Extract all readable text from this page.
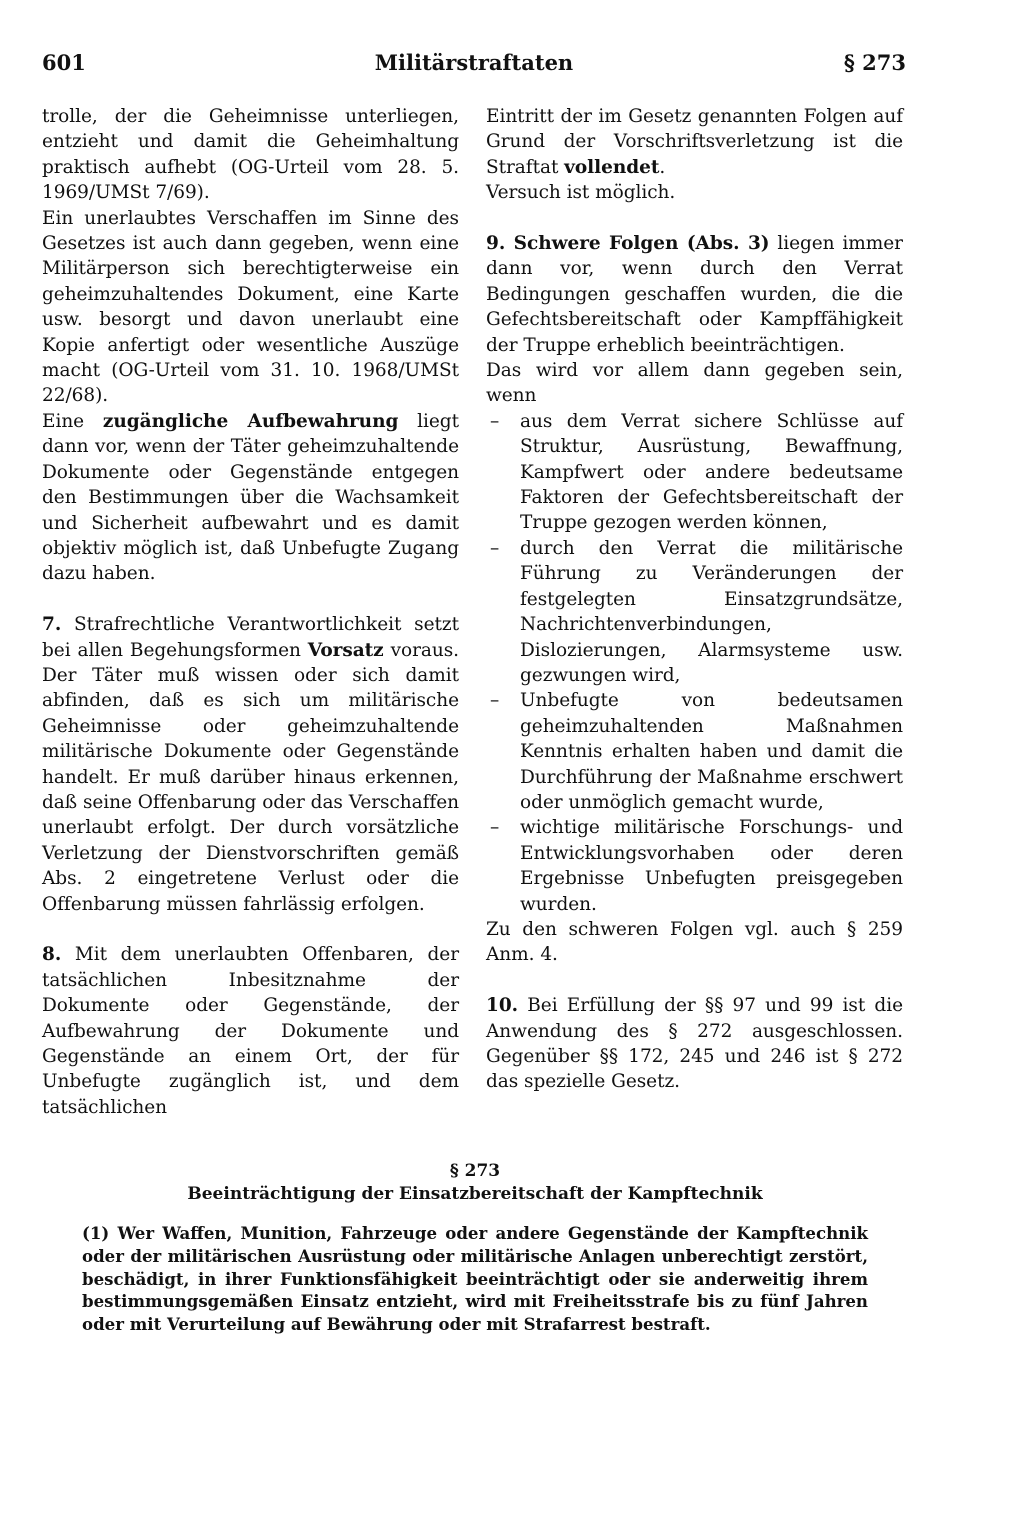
601	Militärstraftaten	§ 273

trolle, der die Geheimnisse unterliegen, entzieht und damit die Geheimhaltung praktisch aufhebt (OG-Urteil vom 28. 5. 1969/UMSt 7/69).

Ein unerlaubtes Verschaffen im Sinne des Gesetzes ist auch dann gegeben, wenn eine Militärperson sich berechtigterweise ein geheimzuhaltendes Dokument, eine Karte usw. besorgt und davon unerlaubt eine Kopie anfertigt oder wesentliche Auszüge macht (OG-Urteil vom 31. 10. 1968/UMSt 22/68).

Eine zugängliche Aufbewahrung liegt dann vor, wenn der Täter geheimzuhaltende Dokumente oder Gegenstände entgegen den Bestimmungen über die Wachsamkeit und Sicherheit aufbewahrt und es damit objektiv möglich ist, daß Unbefugte Zugang dazu haben.

7. Strafrechtliche Verantwortlichkeit setzt bei allen Begehungsformen Vorsatz voraus. Der Täter muß wissen oder sich damit abfinden, daß es sich um militärische Geheimnisse oder geheimzuhaltende militärische Dokumente oder Gegenstände handelt. Er muß darüber hinaus erkennen, daß seine Offenbarung oder das Verschaffen unerlaubt erfolgt. Der durch vorsätzliche Verletzung der Dienstvorschriften gemäß Abs. 2 eingetretene Verlust oder die Offenbarung müssen fahrlässig erfolgen.

8. Mit dem unerlaubten Offenbaren, der tatsächlichen Inbesitznahme der Dokumente oder Gegenstände, der Aufbewahrung der Dokumente und Gegenstände an einem Ort, der für Unbefugte zugänglich ist, und dem tatsächlichen

Eintritt der im Gesetz genannten Folgen auf Grund der Vorschriftsverletzung ist die Straftat vollendet.

Versuch ist möglich.

9. Schwere Folgen (Abs. 3) liegen immer dann vor, wenn durch den Verrat Bedingungen geschaffen wurden, die die Gefechtsbereitschaft oder Kampffähigkeit der Truppe erheblich beeinträchtigen.

Das wird vor allem dann gegeben sein, wenn

– aus dem Verrat sichere Schlüsse auf Struktur, Ausrüstung, Bewaffnung, Kampfwert oder andere bedeutsame Faktoren der Gefechtsbereitschaft der Truppe gezogen werden können,
– durch den Verrat die militärische Führung zu Veränderungen der festgelegten Einsatzgrundsätze, Nachrichtenverbindungen, Dislozierungen, Alarmsysteme usw. gezwungen wird,
– Unbefugte von bedeutsamen geheimzuhaltenden Maßnahmen Kenntnis erhalten haben und damit die Durchführung der Maßnahme erschwert oder unmöglich gemacht wurde,
– wichtige militärische Forschungs- und Entwicklungsvorhaben oder deren Ergebnisse Unbefugten preisgegeben wurden.

Zu den schweren Folgen vgl. auch § 259 Anm. 4.

10. Bei Erfüllung der §§ 97 und 99 ist die Anwendung des § 272 ausgeschlossen. Gegenüber §§ 172, 245 und 246 ist § 272 das spezielle Gesetz.

§ 273
Beeinträchtigung der Einsatzbereitschaft der Kampftechnik

(1) Wer Waffen, Munition, Fahrzeuge oder andere Gegenstände der Kampftechnik oder der militärischen Ausrüstung oder militärische Anlagen unberechtigt zerstört, beschädigt, in ihrer Funktionsfähigkeit beeinträchtigt oder sie anderweitig ihrem bestimmungsgemäßen Einsatz entzieht, wird mit Freiheitsstrafe bis zu fünf Jahren oder mit Verurteilung auf Bewährung oder mit Strafarrest bestraft.
